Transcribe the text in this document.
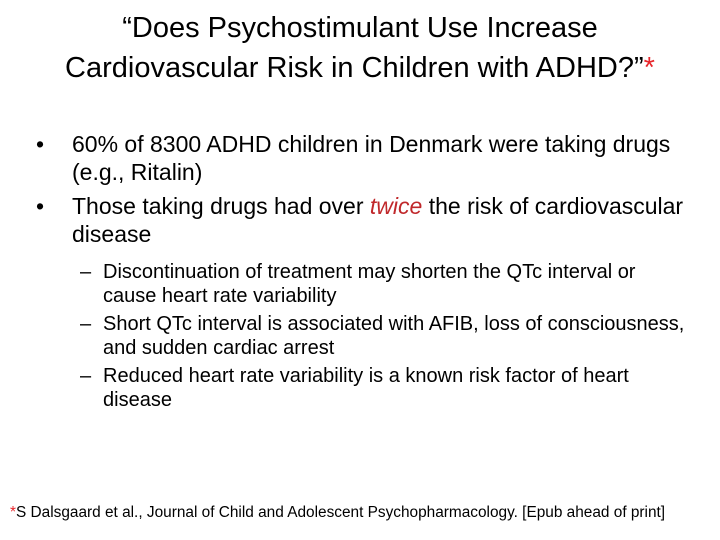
“Does Psychostimulant Use Increase
Cardiovascular Risk in Children with ADHD?”*
• 60% of 8300 ADHD children in Denmark were taking drugs (e.g., Ritalin)
• Those taking drugs had over twice the risk of cardiovascular disease
– Discontinuation of treatment may shorten the QTc interval or cause heart rate variability
– Short QTc interval is associated with AFIB, loss of consciousness, and sudden cardiac arrest
– Reduced heart rate variability is a known risk factor of heart disease
*S Dalsgaard et al., Journal of Child and Adolescent Psychopharmacology. [Epub ahead of print]
